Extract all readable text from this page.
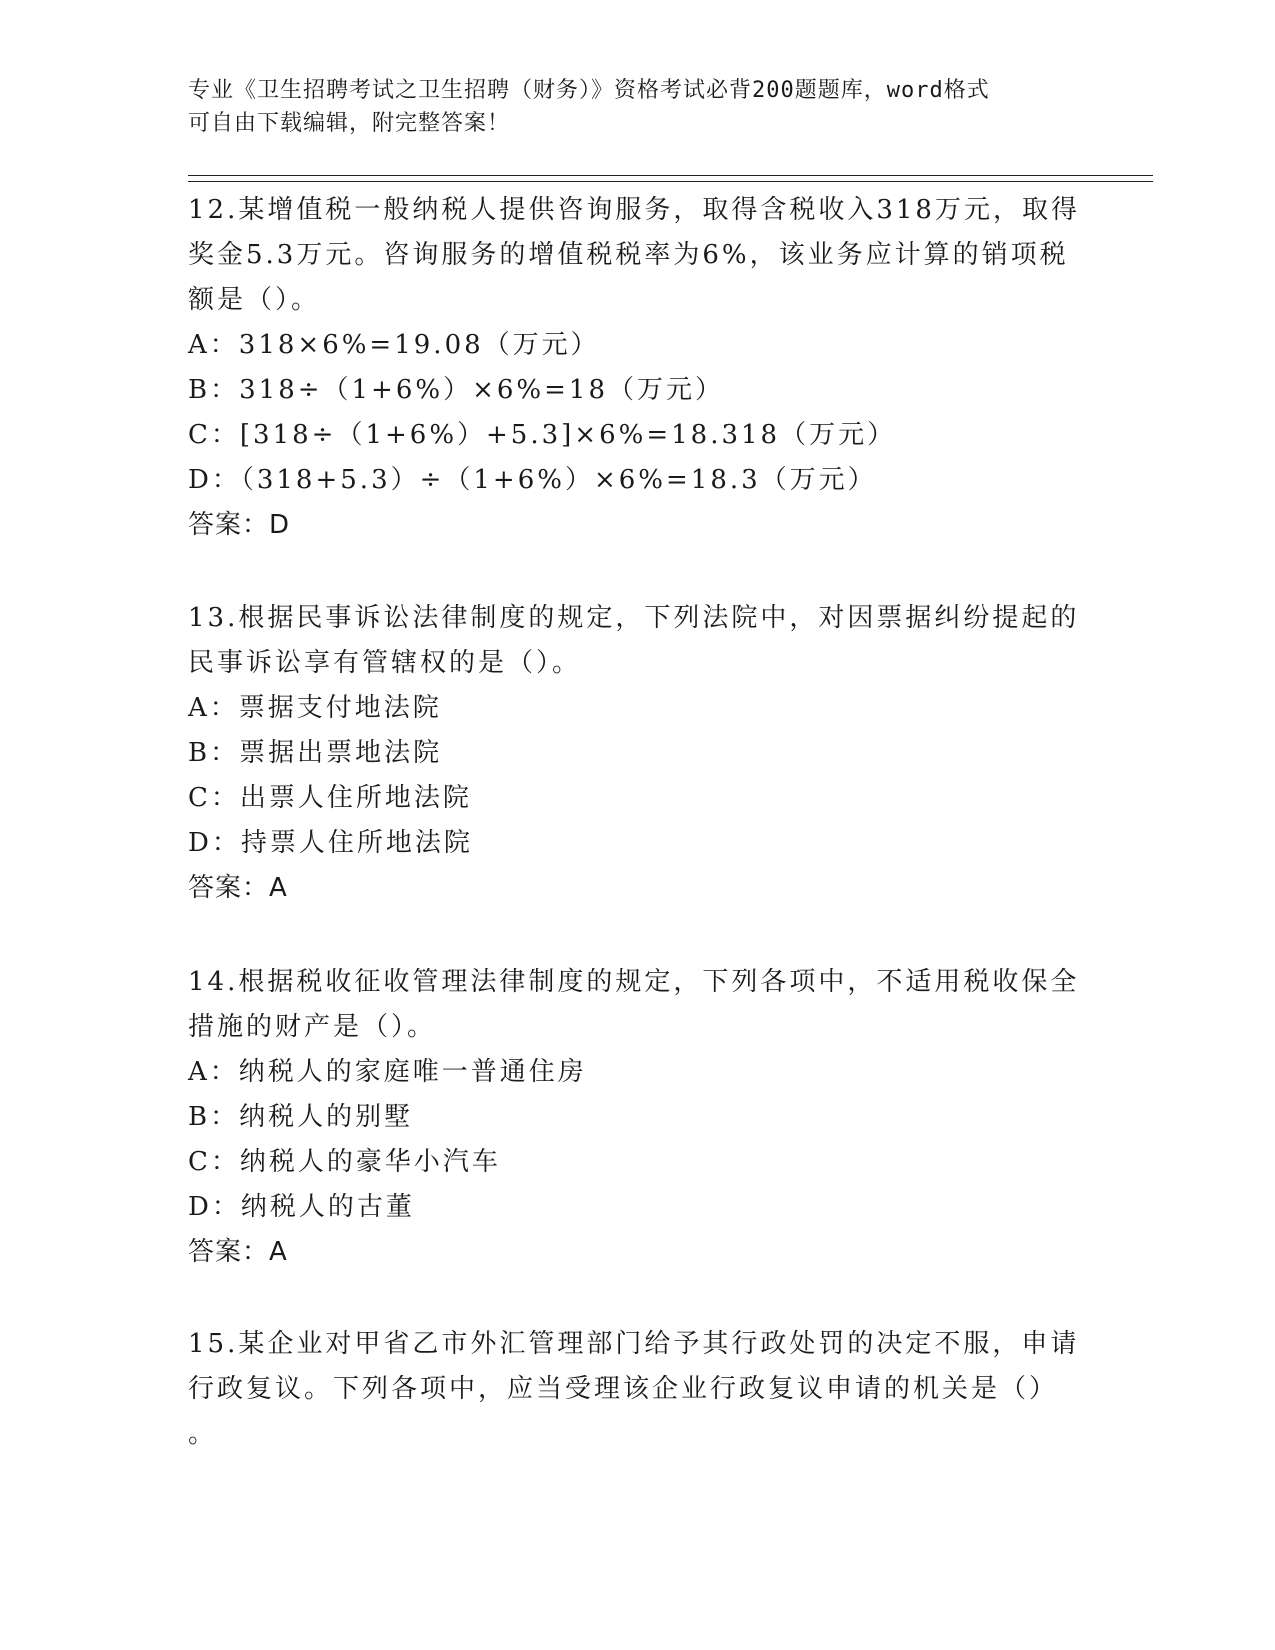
专业《卫生招聘考试之卫生招聘（财务）》资格考试必背200题题库，word格式
可自由下载编辑，附完整答案！
12.某增值税一般纳税人提供咨询服务，取得含税收入318万元，取得
奖金5.3万元。咨询服务的增值税税率为6%，该业务应计算的销项税
额是（）。
A：318×6%=19.08（万元）
B：318÷（1+6%）×6%=18（万元）
C：[318÷（1+6%）+5.3]×6%=18.318（万元）
D：（318+5.3）÷（1+6%）×6%=18.3（万元）
答案：D
13.根据民事诉讼法律制度的规定，下列法院中，对因票据纠纷提起的
民事诉讼享有管辖权的是（）。
A：票据支付地法院
B：票据出票地法院
C：出票人住所地法院
D：持票人住所地法院
答案：A
14.根据税收征收管理法律制度的规定，下列各项中，不适用税收保全
措施的财产是（）。
A：纳税人的家庭唯一普通住房
B：纳税人的别墅
C：纳税人的豪华小汽车
D：纳税人的古董
答案：A
15.某企业对甲省乙市外汇管理部门给予其行政处罚的决定不服，申请
行政复议。下列各项中，应当受理该企业行政复议申请的机关是（）
。
